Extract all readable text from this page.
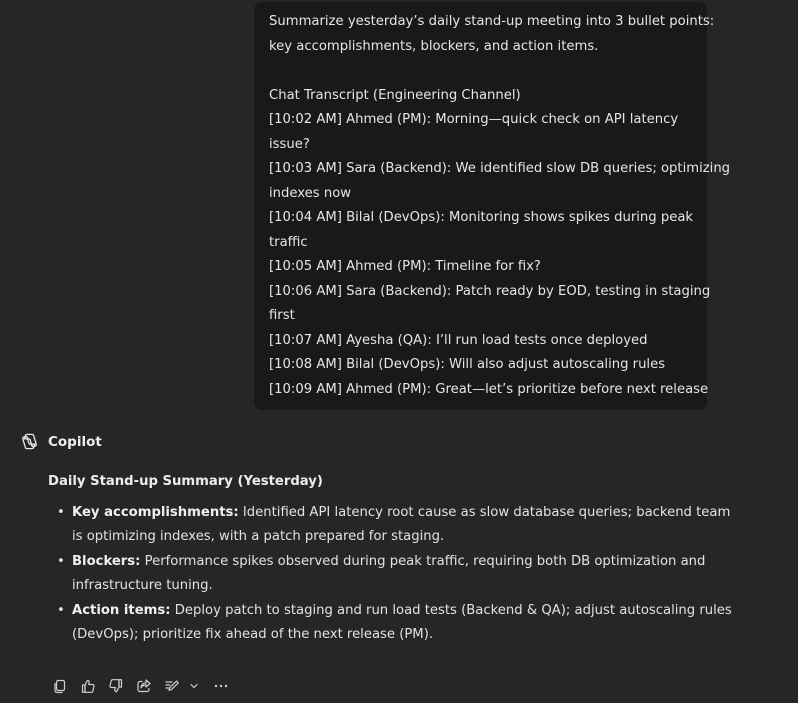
Summarize yesterday’s daily stand-up meeting into 3 bullet points:
key accomplishments, blockers, and action items.
Chat Transcript (Engineering Channel)
[10:02 AM] Ahmed (PM): Morning—quick check on API latency
issue?
[10:03 AM] Sara (Backend): We identified slow DB queries; optimizing
indexes now
[10:04 AM] Bilal (DevOps): Monitoring shows spikes during peak
traffic
[10:05 AM] Ahmed (PM): Timeline for fix?
[10:06 AM] Sara (Backend): Patch ready by EOD, testing in staging
first
[10:07 AM] Ayesha (QA): I’ll run load tests once deployed
[10:08 AM] Bilal (DevOps): Will also adjust autoscaling rules
[10:09 AM] Ahmed (PM): Great—let’s prioritize before next release
Copilot
Daily Stand-up Summary (Yesterday)
• Key accomplishments: Identified API latency root cause as slow database queries; backend team is optimizing indexes, with a patch prepared for staging.
• Blockers: Performance spikes observed during peak traffic, requiring both DB optimization and infrastructure tuning.
• Action items: Deploy patch to staging and run load tests (Backend & QA); adjust autoscaling rules (DevOps); prioritize fix ahead of the next release (PM).
